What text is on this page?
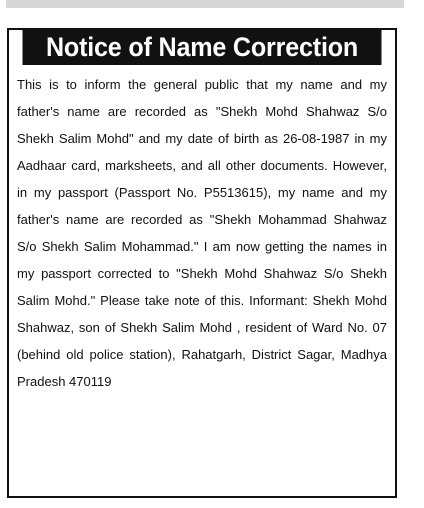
Notice of Name Correction

This is to inform the general public that my name and my father's name are recorded as "Shekh Mohd Shahwaz S/o Shekh Salim Mohd" and my date of birth as 26-08-1987 in my Aadhaar card, marksheets, and all other documents. However, in my passport (Passport No. P5513615), my name and my father's name are recorded as "Shekh Mohammad Shahwaz S/o Shekh Salim Mohammad." I am now getting the names in my passport corrected to "Shekh Mohd Shahwaz S/o Shekh Salim Mohd." Please take note of this. Informant: Shekh Mohd Shahwaz, son of Shekh Salim Mohd , resident of Ward No. 07 (behind old police station), Rahatgarh, District Sagar, Madhya Pradesh 470119
